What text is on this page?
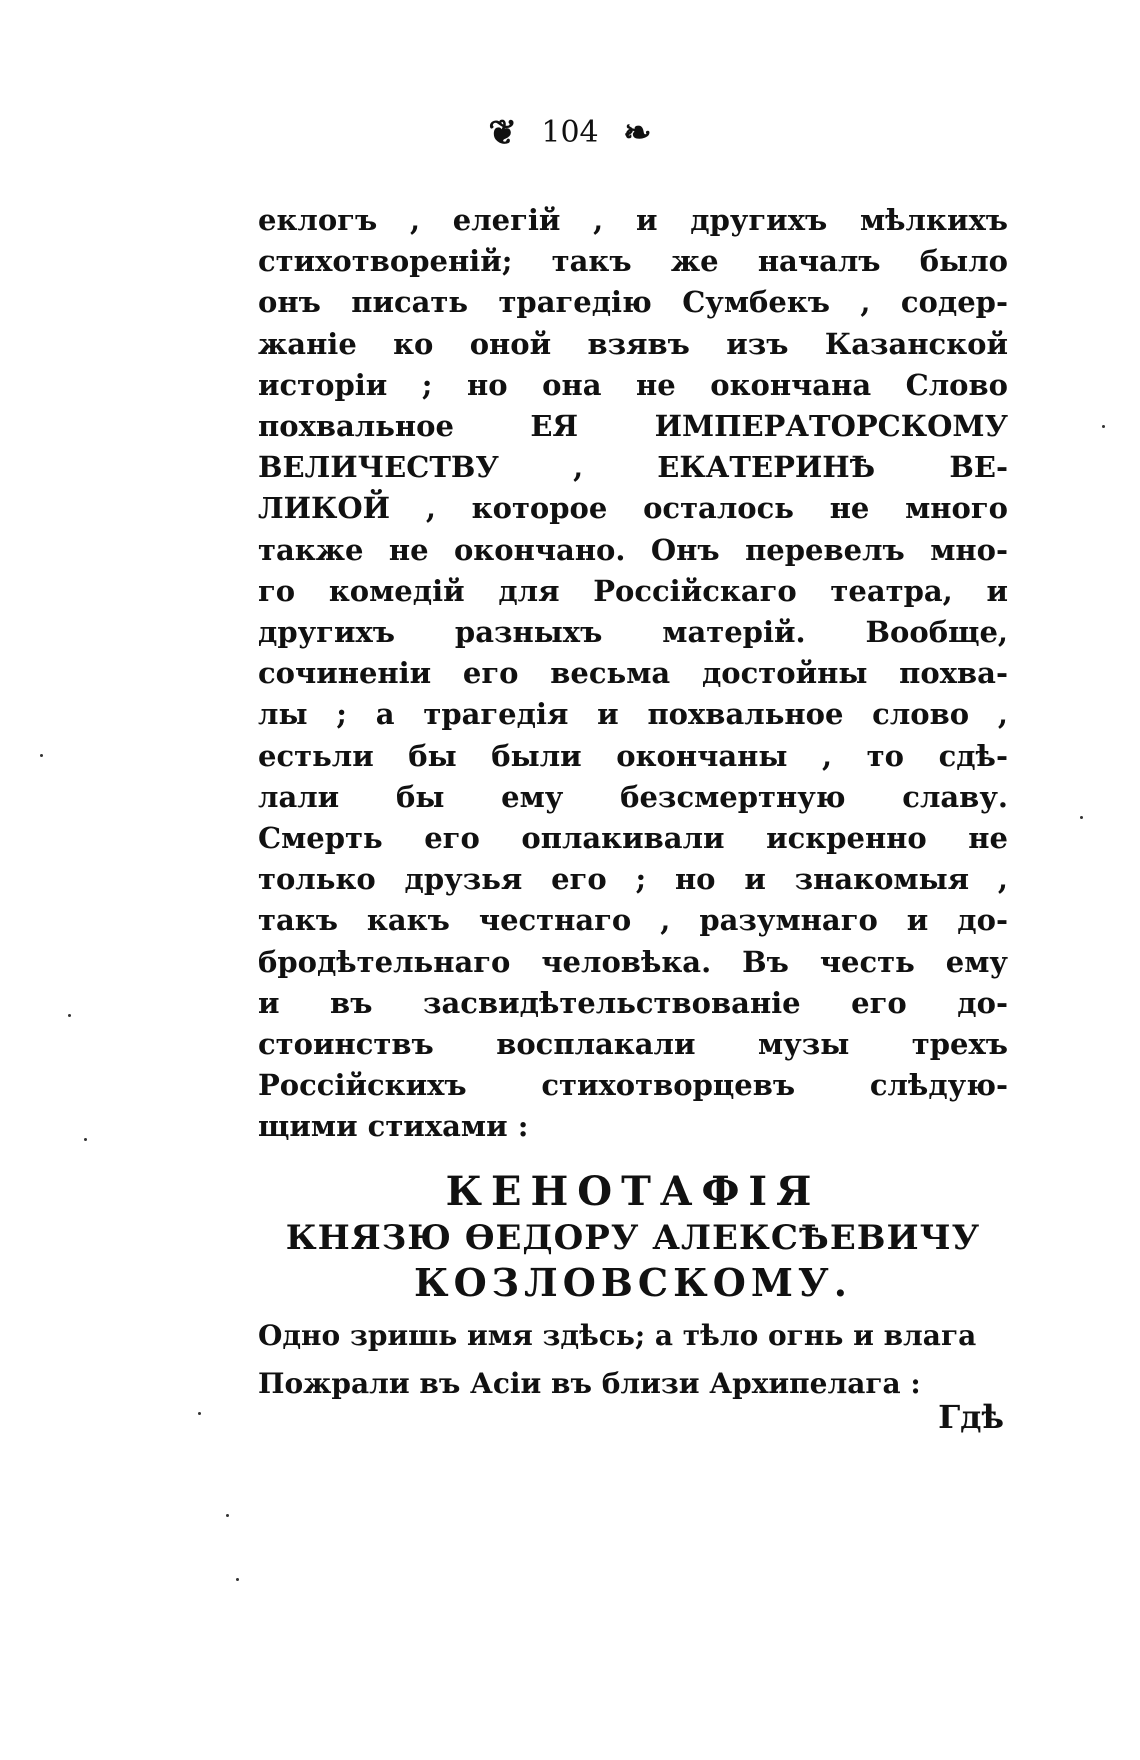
❦ 104 ❧
еклогъ , елегій , и другихъ мѣлкихъ
стихотвореній; такъ же началъ было
онъ писать трагедію Сумбекъ , содер-
жаніе ко оной взявъ изъ Казанской
исторіи ; но она не окончана Слово
похвальное ЕЯ ИМПЕРАТОРСКОМУ
ВЕЛИЧЕСТВУ , ЕКАТЕРИНѢ ВЕ-
ЛИКОЙ , которое осталось не много
также не окончано. Онъ перевелъ мно-
го комедій для Россійскаго театра, и
другихъ разныхъ матерій. Вообще,
сочиненіи его весьма достойны похва-
лы ; а трагедія и похвальное слово ,
естьли бы были окончаны , то сдѣ-
лали бы ему безсмертную славу.
Смерть его оплакивали искренно не
только друзья его ; но и знакомыя ,
такъ какъ честнаго , разумнаго и до-
бродѣтельнаго человѣка. Въ честь ему
и въ засвидѣтельствованіе его до-
стоинствъ восплакали музы трехъ
Россійскихъ стихотворцевъ слѣдую-
щими стихами :
КЕНОТАФІЯ
КНЯЗЮ ѲЕДОРУ АЛЕКСѢЕВИЧУ
КОЗЛОВСКОМУ.
Одно зришь имя здѣсь; а тѣло огнь и влага
Пожрали въ Асіи въ близи Архипелага :
Гдѣ
